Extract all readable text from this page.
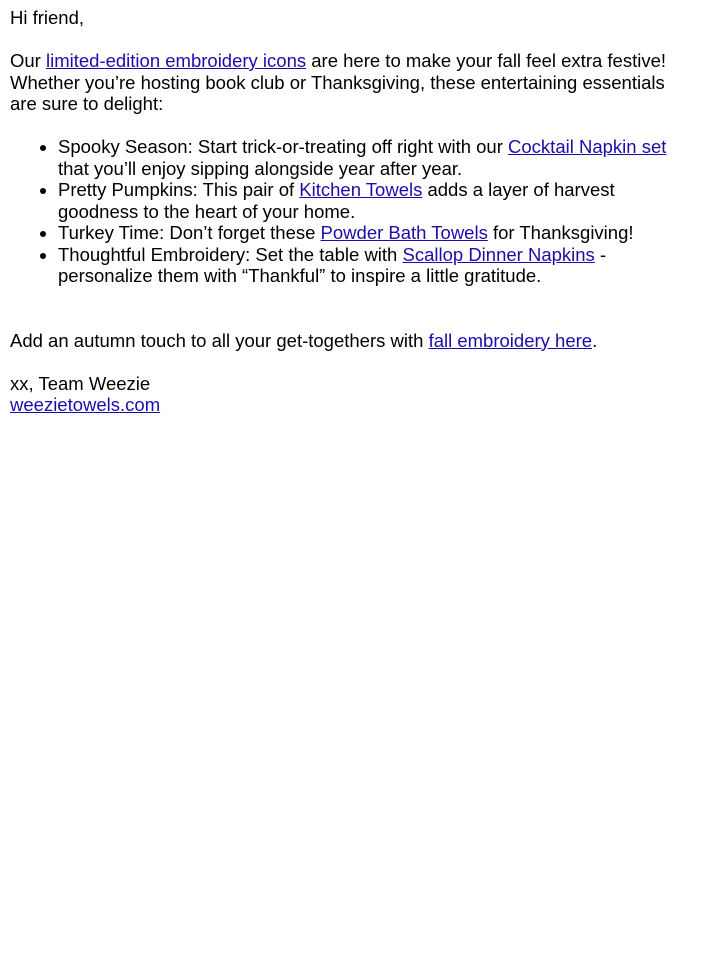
Hi friend,

Our limited-edition embroidery icons are here to make your fall feel extra festive! Whether you’re hosting book club or Thanksgiving, these entertaining essentials are sure to delight:

• Spooky Season: Start trick-or-treating off right with our Cocktail Napkin set that you’ll enjoy sipping alongside year after year.
• Pretty Pumpkins: This pair of Kitchen Towels adds a layer of harvest goodness to the heart of your home.
• Turkey Time: Don’t forget these Powder Bath Towels for Thanksgiving!
• Thoughtful Embroidery: Set the table with Scallop Dinner Napkins - personalize them with “Thankful” to inspire a little gratitude.

Add an autumn touch to all your get-togethers with fall embroidery here.

xx, Team Weezie
weezietowels.com
